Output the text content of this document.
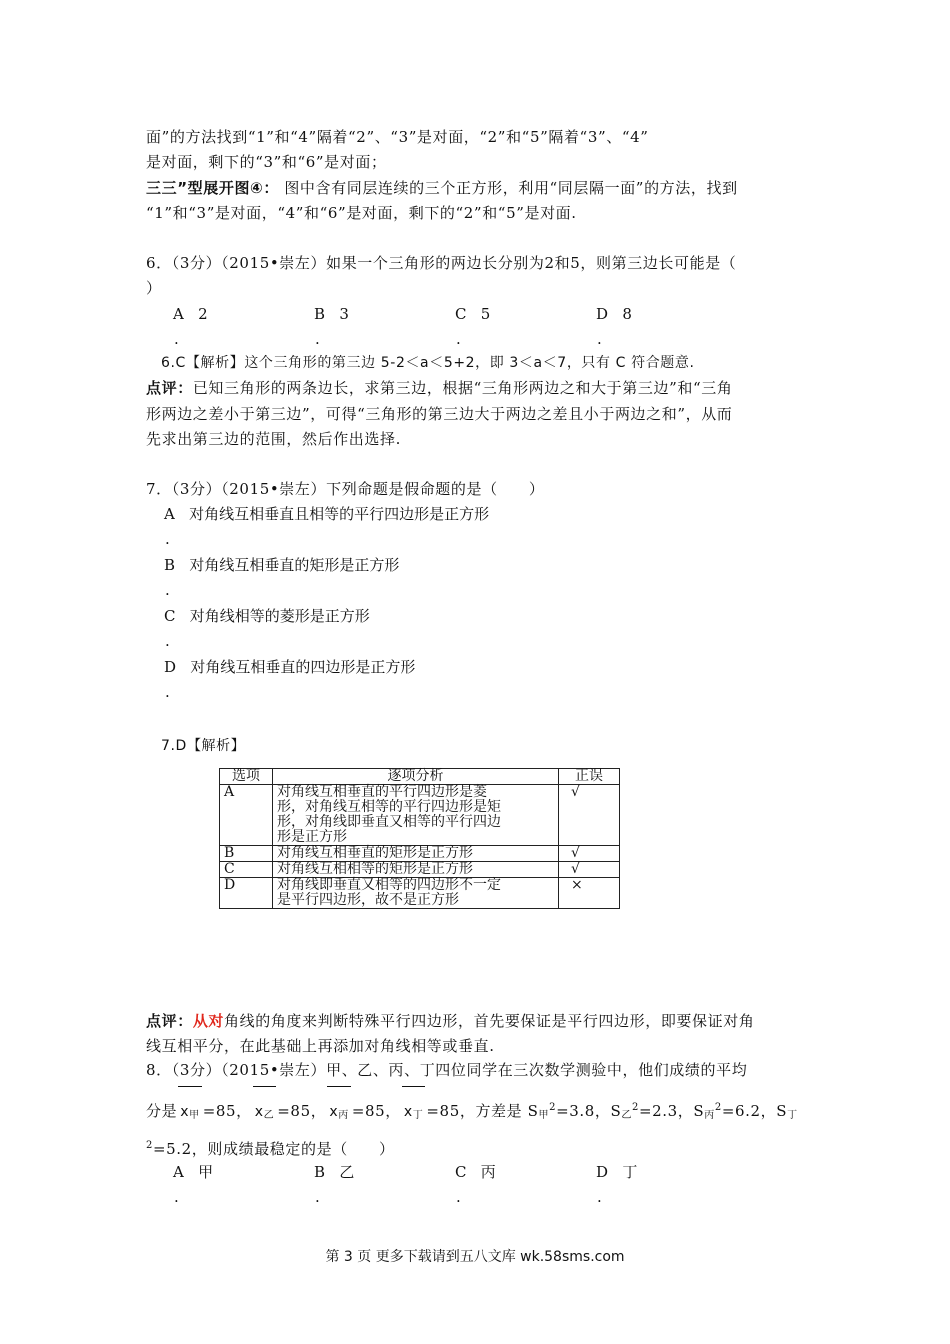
面”的方法找到“1”和“4”隔着“2”、“3”是对面，“2”和“5”隔着“3”、“4”
是对面，剩下的“3”和“6”是对面；
三三”型展开图④： 图中含有同层连续的三个正方形，利用“同层隔一面”的方法，找到
“1”和“3”是对面，“4”和“6”是对面，剩下的“2”和“5”是对面.
6．（3分）（2015•崇左）如果一个三角形的两边长分别为2和5，则第三边长可能是（
）
A 2	B 3	C 5	D 8
.	.	.	.
6.C【解析】这个三角形的第三边 5-2＜a＜5+2，即 3＜a＜7，只有 C 符合题意.
点评：已知三角形的两条边长，求第三边，根据“三角形两边之和大于第三边”和“三角
形两边之差小于第三边”，可得“三角形的第三边大于两边之差且小于两边之和”，从而
先求出第三边的范围，然后作出选择.
7．（3分）（2015•崇左）下列命题是假命题的是（　　）
A 对角线互相垂直且相等的平行四边形是正方形
.
B 对角线互相垂直的矩形是正方形
.
C 对角线相等的菱形是正方形
.
D 对角线互相垂直的四边形是正方形
.
7.D【解析】
选项	逐项分析	正误
A	对角线互相垂直的平行四边形是菱
形，对角线互相等的平行四边形是矩
形，对角线即垂直又相等的平行四边
形是正方形	√
B	对角线互相垂直的矩形是正方形	√
C	对角线互相相等的矩形是正方形	√
D	对角线即垂直又相等的四边形不一定
是平行四边形，故不是正方形	×
点评：从对角线的角度来判断特殊平行四边形，首先要保证是平行四边形，即要保证对角
线互相平分，在此基础上再添加对角线相等或垂直.
8．（3分）（2015•崇左）甲、乙、丙、丁四位同学在三次数学测验中，他们成绩的平均
分是 $x_甲 =85$， $x_乙 =85$， $x_丙 =85$， $x_丁 =85$，方差是 $S_甲^2=3.8$，$S_乙^2=2.3$，$S_丙^2=6.2$，$S_丁$
$^2$=5.2，则成绩最稳定的是（　　）
A 甲	B 乙	C 丙	D 丁
.	.	.	.
第 3 页 更多下载请到五八文库 wk.58sms.com
